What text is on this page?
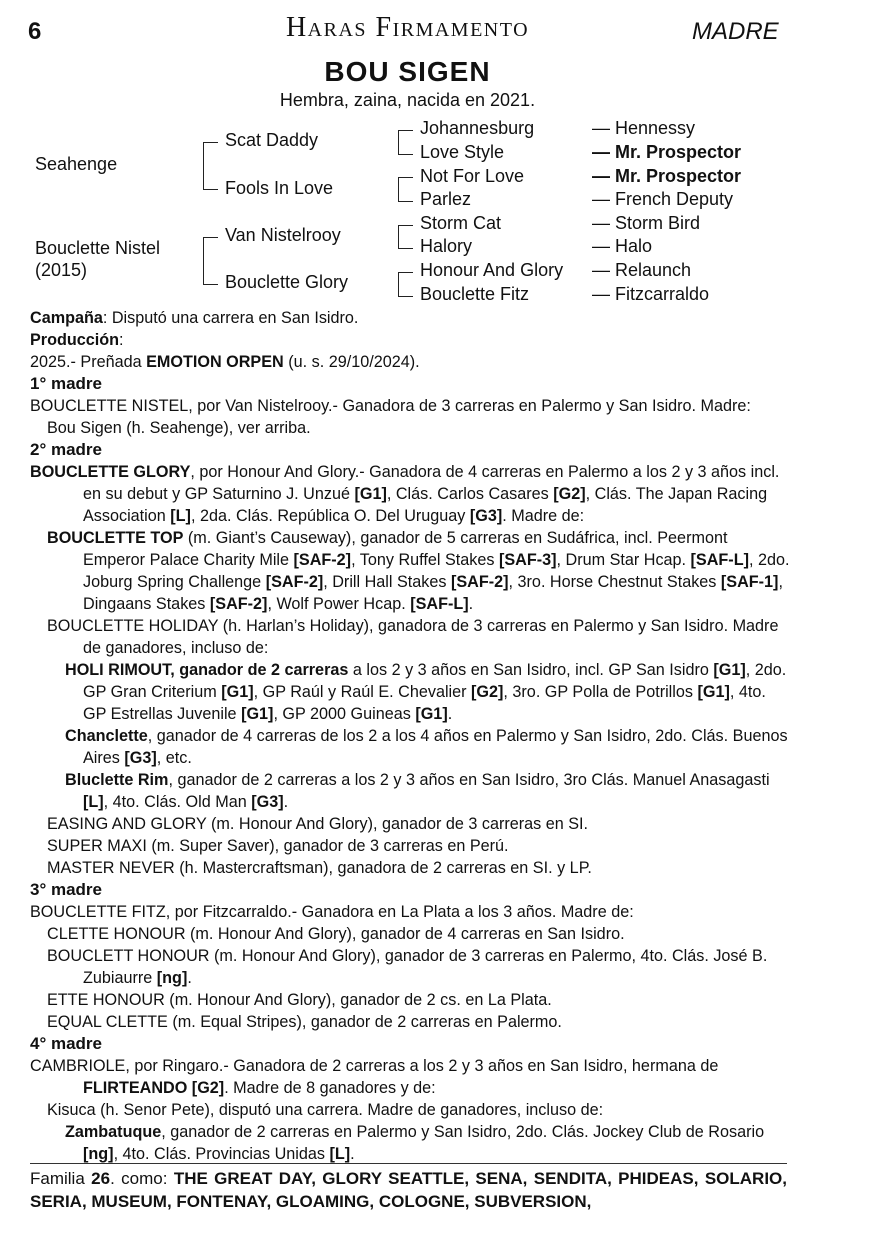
6	Haras Firmamento	MADRE
BOU SIGEN
Hembra, zaina, nacida en 2021.
Seahenge
Bouclette Nistel
(2015)
Scat Daddy
Fools In Love
Van Nistelrooy
Bouclette Glory
Johannesburg
Love Style
Not For Love
Parlez
Storm Cat
Halory
Honour And Glory
Bouclette Fitz
— Hennessy
— Mr. Prospector
— Mr. Prospector
— French Deputy
— Storm Bird
— Halo
— Relaunch
— Fitzcarraldo

Campaña: Disputó una carrera en San Isidro.

Producción:

2025.- Preñada EMOTION ORPEN (u. s. 29/10/2024).

1° madre

BOUCLETTE NISTEL, por Van Nistelrooy.- Ganadora de 3 carreras en Palermo y San Isidro. Madre:

Bou Sigen (h. Seahenge), ver arriba.

2° madre

BOUCLETTE GLORY, por Honour And Glory.- Ganadora de 4 carreras en Palermo a los 2 y 3 años incl. en su debut y GP Saturnino J. Unzué [G1], Clás. Carlos Casares [G2], Clás. The Japan Racing Association [L], 2da. Clás. República O. Del Uruguay [G3]. Madre de:

BOUCLETTE TOP (m. Giant’s Causeway), ganador de 5 carreras en Sudáfrica, incl. Peermont Emperor Palace Charity Mile [SAF-2], Tony Ruffel Stakes [SAF-3], Drum Star Hcap. [SAF-L], 2do. Joburg Spring Challenge [SAF-2], Drill Hall Stakes [SAF-2], 3ro. Horse Chestnut Stakes [SAF-1], Dingaans Stakes [SAF-2], Wolf Power Hcap. [SAF-L].

BOUCLETTE HOLIDAY (h. Harlan’s Holiday), ganadora de 3 carreras en Palermo y San Isidro. Madre de ganadores, incluso de:

HOLI RIMOUT, ganador de 2 carreras a los 2 y 3 años en San Isidro, incl. GP San Isidro [G1], 2do. GP Gran Criterium [G1], GP Raúl y Raúl E. Chevalier [G2], 3ro. GP Polla de Potrillos [G1], 4to. GP Estrellas Juvenile [G1], GP 2000 Guineas [G1].

Chanclette, ganador de 4 carreras de los 2 a los 4 años en Palermo y San Isidro, 2do. Clás. Buenos Aires [G3], etc.

Bluclette Rim, ganador de 2 carreras a los 2 y 3 años en San Isidro, 3ro Clás. Manuel Anasagasti [L], 4to. Clás. Old Man [G3].

EASING AND GLORY (m. Honour And Glory), ganador de 3 carreras en SI.

SUPER MAXI (m. Super Saver), ganador de 3 carreras en Perú.

MASTER NEVER (h. Mastercraftsman), ganadora de 2 carreras en SI. y LP.

3° madre

BOUCLETTE FITZ, por Fitzcarraldo.- Ganadora en La Plata a los 3 años. Madre de:

CLETTE HONOUR (m. Honour And Glory), ganador de 4 carreras en San Isidro.

BOUCLETT HONOUR (m. Honour And Glory), ganador de 3 carreras en Palermo, 4to. Clás. José B. Zubiaurre [ng].

ETTE HONOUR (m. Honour And Glory), ganador de 2 cs. en La Plata.

EQUAL CLETTE (m. Equal Stripes), ganador de 2 carreras en Palermo.

4° madre

CAMBRIOLE, por Ringaro.- Ganadora de 2 carreras a los 2 y 3 años en San Isidro, hermana de FLIRTEANDO [G2]. Madre de 8 ganadores y de:

Kisuca (h. Senor Pete), disputó una carrera. Madre de ganadores, incluso de:

Zambatuque, ganador de 2 carreras en Palermo y San Isidro, 2do. Clás. Jockey Club de Rosario [ng], 4to. Clás. Provincias Unidas [L].

Familia 26. como: THE GREAT DAY, GLORY SEATTLE, SENA, SENDITA, PHIDEAS, SOLARIO, SERIA, MUSEUM, FONTENAY, GLOAMING, COLOGNE, SUBVERSION,
